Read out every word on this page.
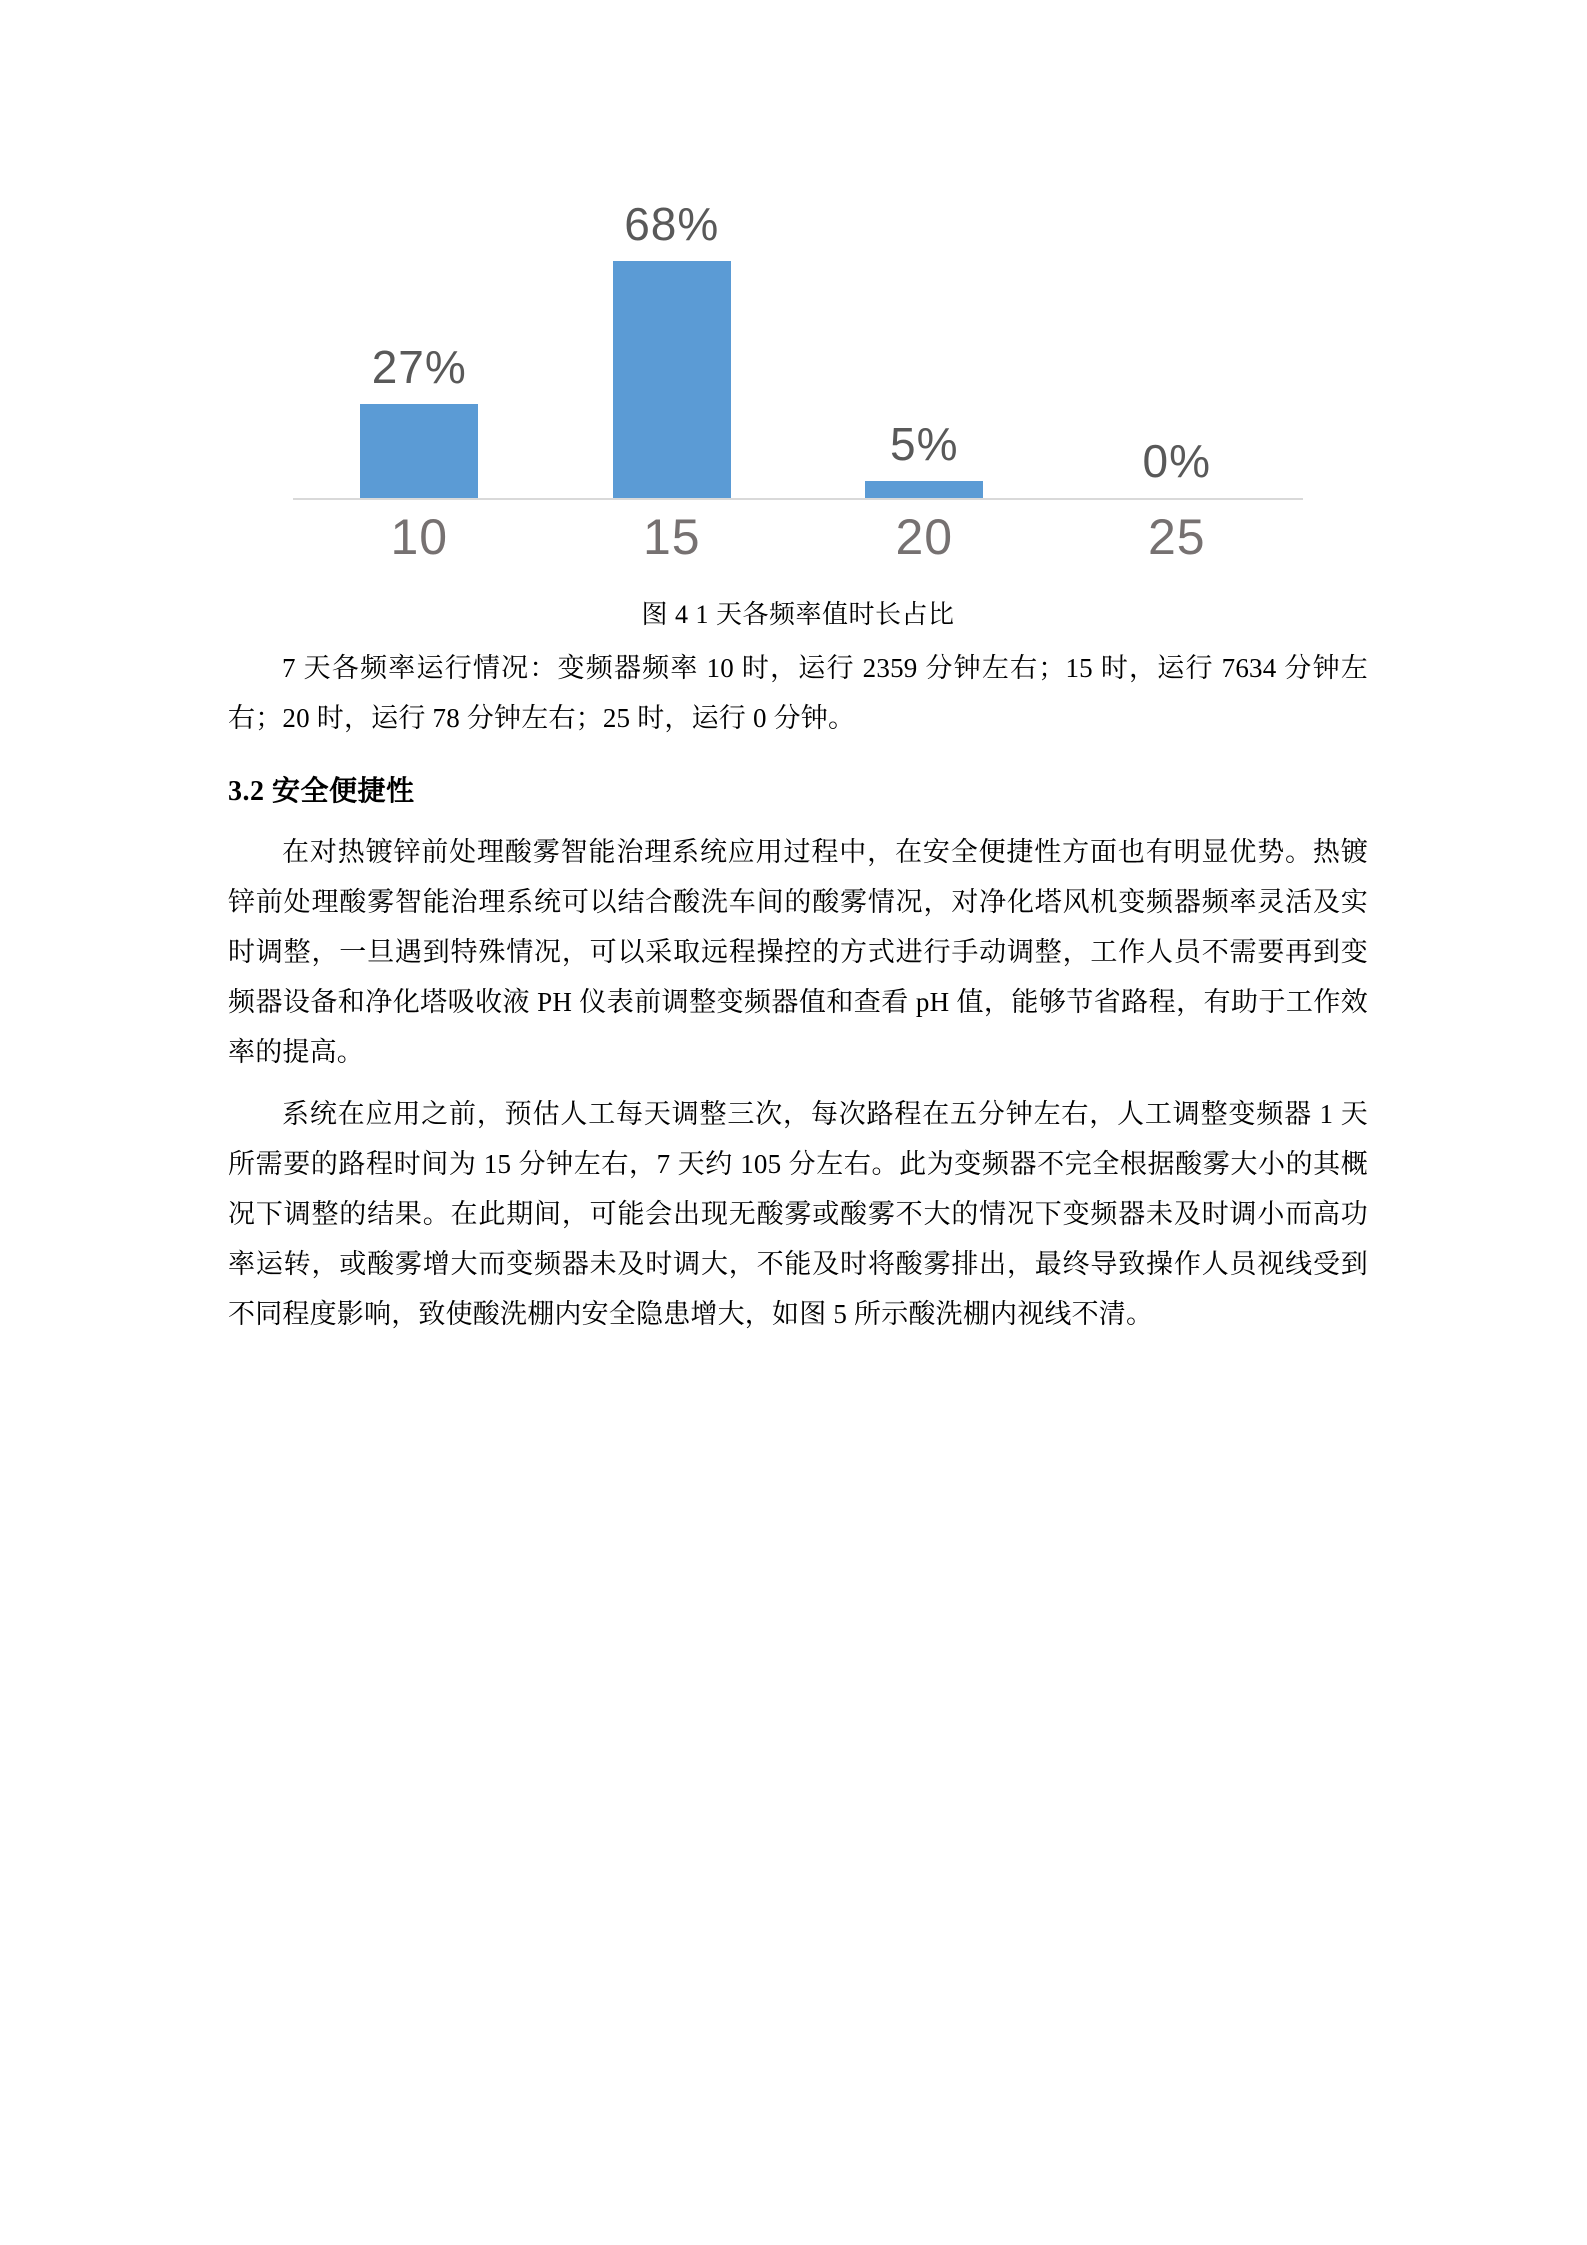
27%
68%
5%	0%
10	15	20	25
图 4 1 天各频率值时长占比

7 天各频率运行情况：变频器频率 10 时，运行 2359 分钟左右；15 时，运行 7634 分钟左右；20 时，运行 78 分钟左右；25 时，运行 0 分钟。

3.2 安全便捷性

在对热镀锌前处理酸雾智能治理系统应用过程中，在安全便捷性方面也有明显优势。热镀锌前处理酸雾智能治理系统可以结合酸洗车间的酸雾情况，对净化塔风机变频器频率灵活及实时调整，一旦遇到特殊情况，可以采取远程操控的方式进行手动调整，工作人员不需要再到变频器设备和净化塔吸收液 PH 仪表前调整变频器值和查看 pH 值，能够节省路程，有助于工作效率的提高。

系统在应用之前，预估人工每天调整三次，每次路程在五分钟左右，人工调整变频器 1 天所需要的路程时间为 15 分钟左右，7 天约 105 分左右。此为变频器不完全根据酸雾大小的其概况下调整的结果。在此期间，可能会出现无酸雾或酸雾不大的情况下变频器未及时调小而高功率运转，或酸雾增大而变频器未及时调大，不能及时将酸雾排出，最终导致操作人员视线受到不同程度影响，致使酸洗棚内安全隐患增大，如图 5 所示酸洗棚内视线不清。
